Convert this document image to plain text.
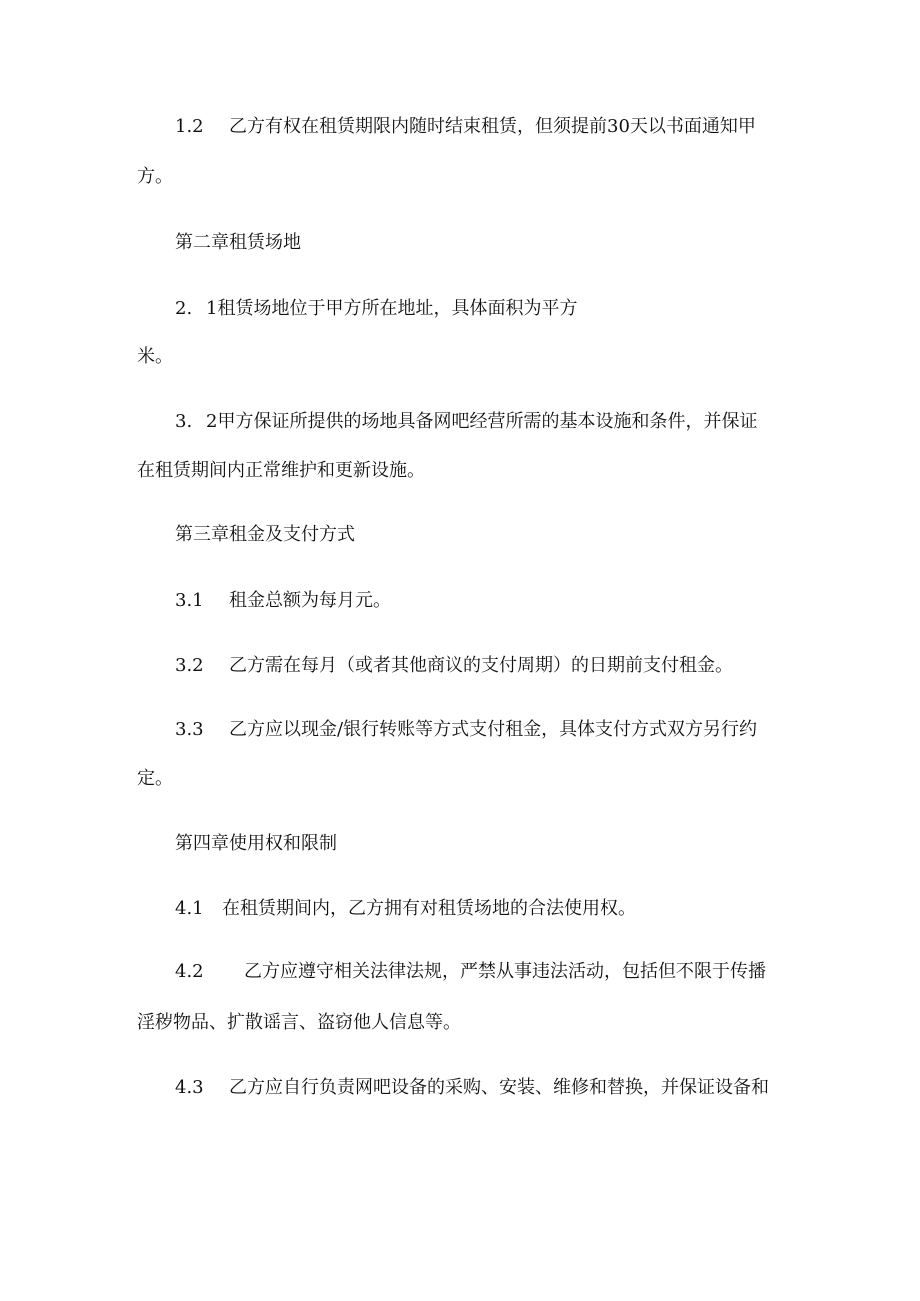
1.2 乙方有权在租赁期限内随时结束租赁，但须提前30天以书面通知甲
方。
第二章租赁场地
2. 1租赁场地位于甲方所在地址，具体面积为平方
米。
3. 2甲方保证所提供的场地具备网吧经营所需的基本设施和条件，并保证
在租赁期间内正常维护和更新设施。
第三章租金及支付方式
3.1 租金总额为每月元。
3.2 乙方需在每月（或者其他商议的支付周期）的日期前支付租金。
3.3 乙方应以现金/银行转账等方式支付租金，具体支付方式双方另行约
定。
第四章使用权和限制
4.1 在租赁期间内，乙方拥有对租赁场地的合法使用权。
4.2 乙方应遵守相关法律法规，严禁从事违法活动，包括但不限于传播
淫秽物品、扩散谣言、盗窃他人信息等。
4.3 乙方应自行负责网吧设备的采购、安装、维修和替换，并保证设备和
